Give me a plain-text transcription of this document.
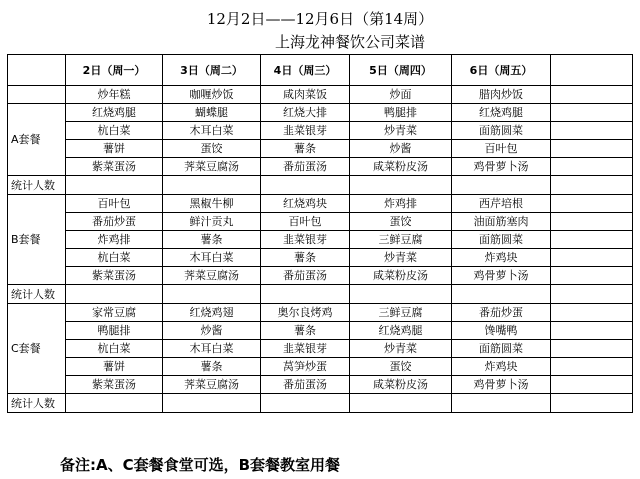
12月2日——12月6日（第14周）
上海龙神餐饮公司菜谱
	2日（周一）	3日（周二）	4日（周三）	5日（周四）	6日（周五）	
	炒年糕	咖喱炒饭	咸肉菜饭	炒面	腊肉炒饭	
A套餐	红烧鸡腿	蝴蝶腿	红烧大排	鸭腿排	红烧鸡腿	
	杭白菜	木耳白菜	韭菜银芽	炒青菜	面筋圆菜	
	薯饼	蛋饺	薯条	炒酱	百叶包	
	紫菜蛋汤	荠菜豆腐汤	番茄蛋汤	咸菜粉皮汤	鸡骨萝卜汤	
统计人数						
B套餐	百叶包	黑椒牛柳	红烧鸡块	炸鸡排	西芹培根	
	番茄炒蛋	鲜汁贡丸	百叶包	蛋饺	油面筋塞肉	
	炸鸡排	薯条	韭菜银芽	三鲜豆腐	面筋圆菜	
	杭白菜	木耳白菜	薯条	炒青菜	炸鸡块	
	紫菜蛋汤	荠菜豆腐汤	番茄蛋汤	咸菜粉皮汤	鸡骨萝卜汤	
统计人数						
C套餐	家常豆腐	红烧鸡翅	奥尔良烤鸡	三鲜豆腐	番茄炒蛋	
	鸭腿排	炒酱	薯条	红烧鸡腿	馋嘴鸭	
	杭白菜	木耳白菜	韭菜银芽	炒青菜	面筋圆菜	
	薯饼	薯条	莴笋炒蛋	蛋饺	炸鸡块	
	紫菜蛋汤	荠菜豆腐汤	番茄蛋汤	咸菜粉皮汤	鸡骨萝卜汤	
统计人数						
备注:A、C套餐食堂可选，B套餐教室用餐
